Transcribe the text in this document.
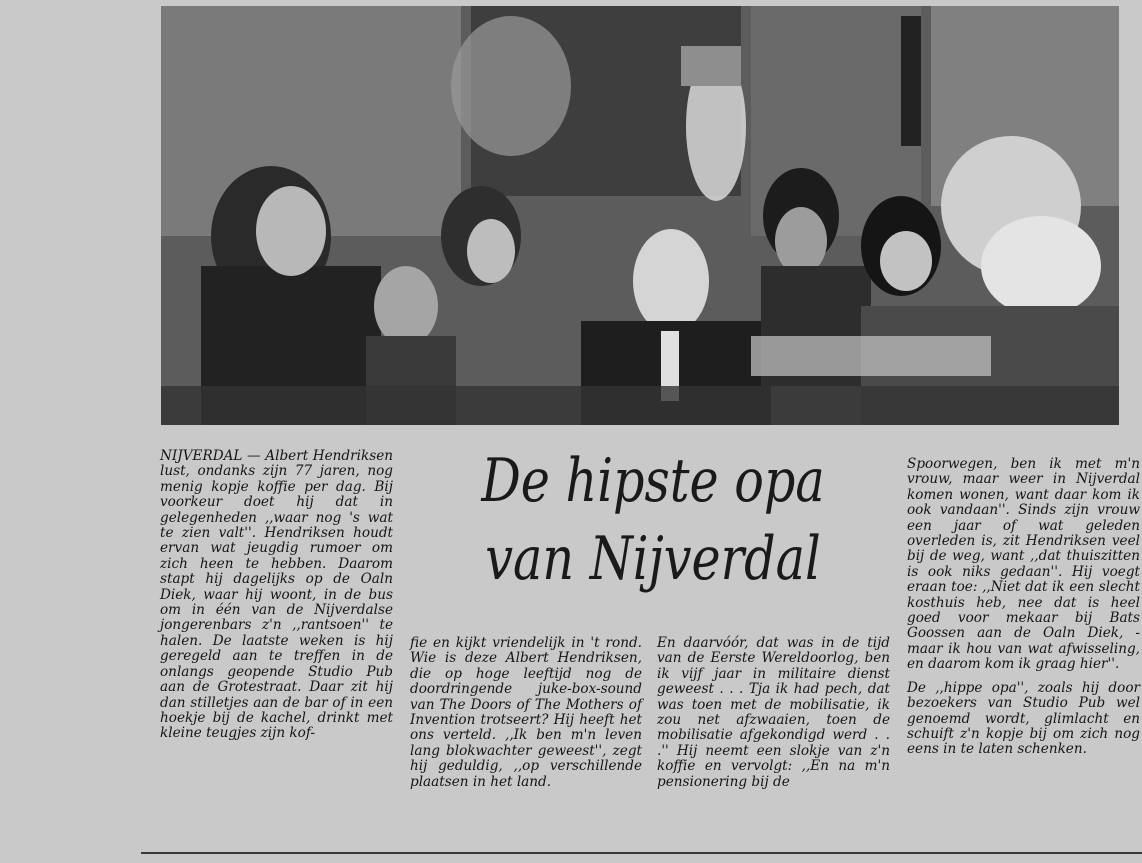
NIJVERDAL — Albert Hendriksen lust, ondanks zijn 77 jaren, nog menig kopje koffie per dag. Bij voorkeur doet hij dat in gelegenheden ,,waar nog 's wat te zien valt''. Hendriksen houdt ervan wat jeugdig rumoer om zich heen te hebben. Daarom stapt hij dagelijks op de Oaln Diek, waar hij woont, in de bus om in één van de Nijverdalse jongerenbars z'n ,,rantsoen'' te halen. De laatste weken is hij geregeld aan te treffen in de onlangs geopende Studio Pub aan de Grotestraat. Daar zit hij dan stilletjes aan de bar of in een hoekje bij de kachel, drinkt met kleine teugjes zijn kof-

De hipste opa
van Nijverdal

fie en kijkt vriendelijk in 't rond. Wie is deze Albert Hendriksen, die op hoge leeftijd nog de doordringende juke-box-sound van The Doors of The Mothers of Invention trotseert? Hij heeft het ons verteld. ,,Ik ben m'n leven lang blokwachter geweest'', zegt hij geduldig, ,,op verschillende plaatsen in het land.

En daarvóór, dat was in de tijd van de Eerste Wereldoorlog, ben ik vijf jaar in militaire dienst geweest . . . Tja ik had pech, dat was toen met de mobilisatie, ik zou net afzwaaien, toen de mobilisatie afgekondigd werd . . .'' Hij neemt een slokje van z'n koffie en vervolgt: ,,En na m'n pensionering bij de

Spoorwegen, ben ik met m'n vrouw, maar weer in Nijverdal komen wonen, want daar kom ik ook vandaan''. Sinds zijn vrouw een jaar of wat geleden overleden is, zit Hendriksen veel bij de weg, want ,,dat thuiszitten is ook niks gedaan''. Hij voegt eraan toe: ,,Niet dat ik een slecht kosthuis heb, nee dat is heel goed voor mekaar bij Bats Goossen aan de Oaln Diek, - maar ik hou van wat afwisseling, en daarom kom ik graag hier''.

De ,,hippe opa'', zoals hij door bezoekers van Studio Pub wel genoemd wordt, glimlacht en schuift z'n kopje bij om zich nog eens in te laten schenken.
